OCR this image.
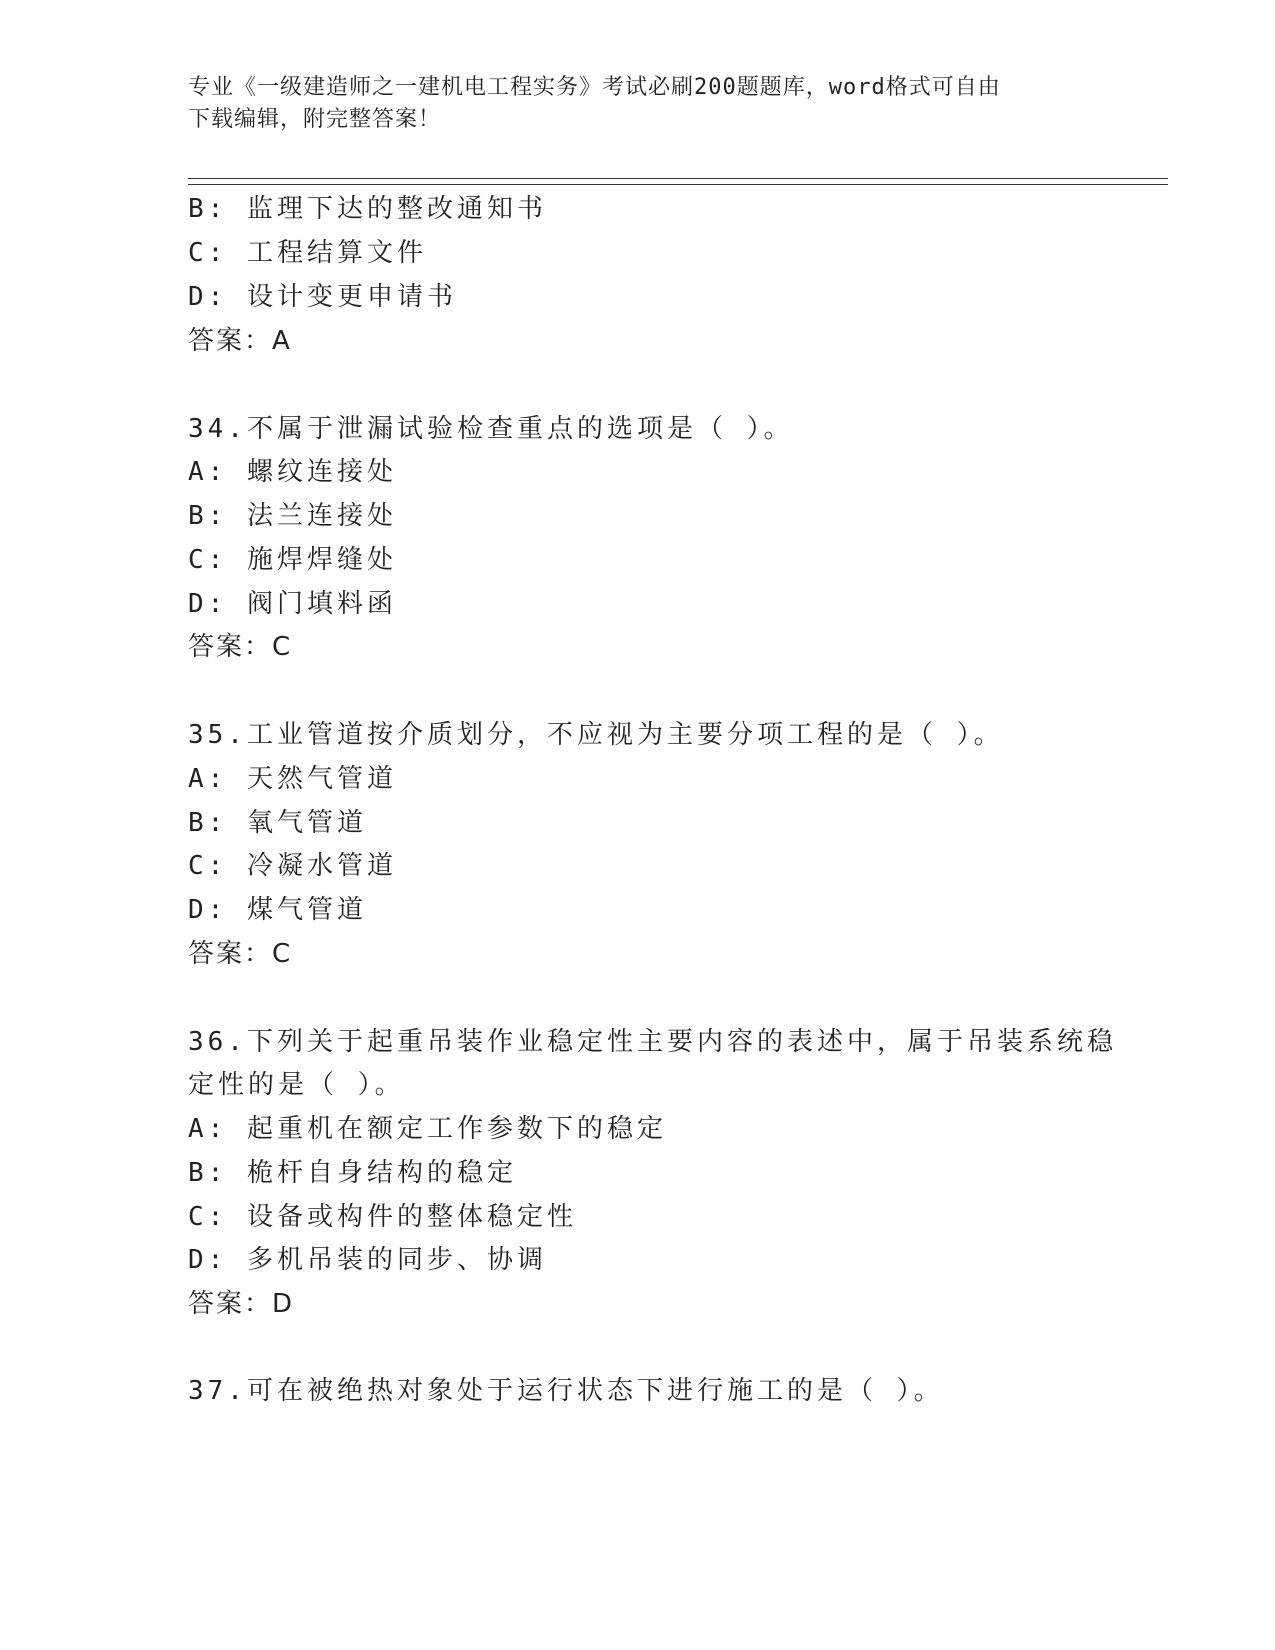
专业《一级建造师之一建机电工程实务》考试必刷200题题库，word格式可自由
下载编辑，附完整答案！
B: 监理下达的整改通知书
C: 工程结算文件
D: 设计变更申请书
答案：A
34.不属于泄漏试验检查重点的选项是（ ）。
A: 螺纹连接处
B: 法兰连接处
C: 施焊焊缝处
D: 阀门填料函
答案：C
35.工业管道按介质划分，不应视为主要分项工程的是（ ）。
A: 天然气管道
B: 氧气管道
C: 冷凝水管道
D: 煤气管道
答案：C
36.下列关于起重吊装作业稳定性主要内容的表述中，属于吊装系统稳
定性的是（ ）。
A: 起重机在额定工作参数下的稳定
B: 桅杆自身结构的稳定
C: 设备或构件的整体稳定性
D: 多机吊装的同步、协调
答案：D
37.可在被绝热对象处于运行状态下进行施工的是（ ）。
